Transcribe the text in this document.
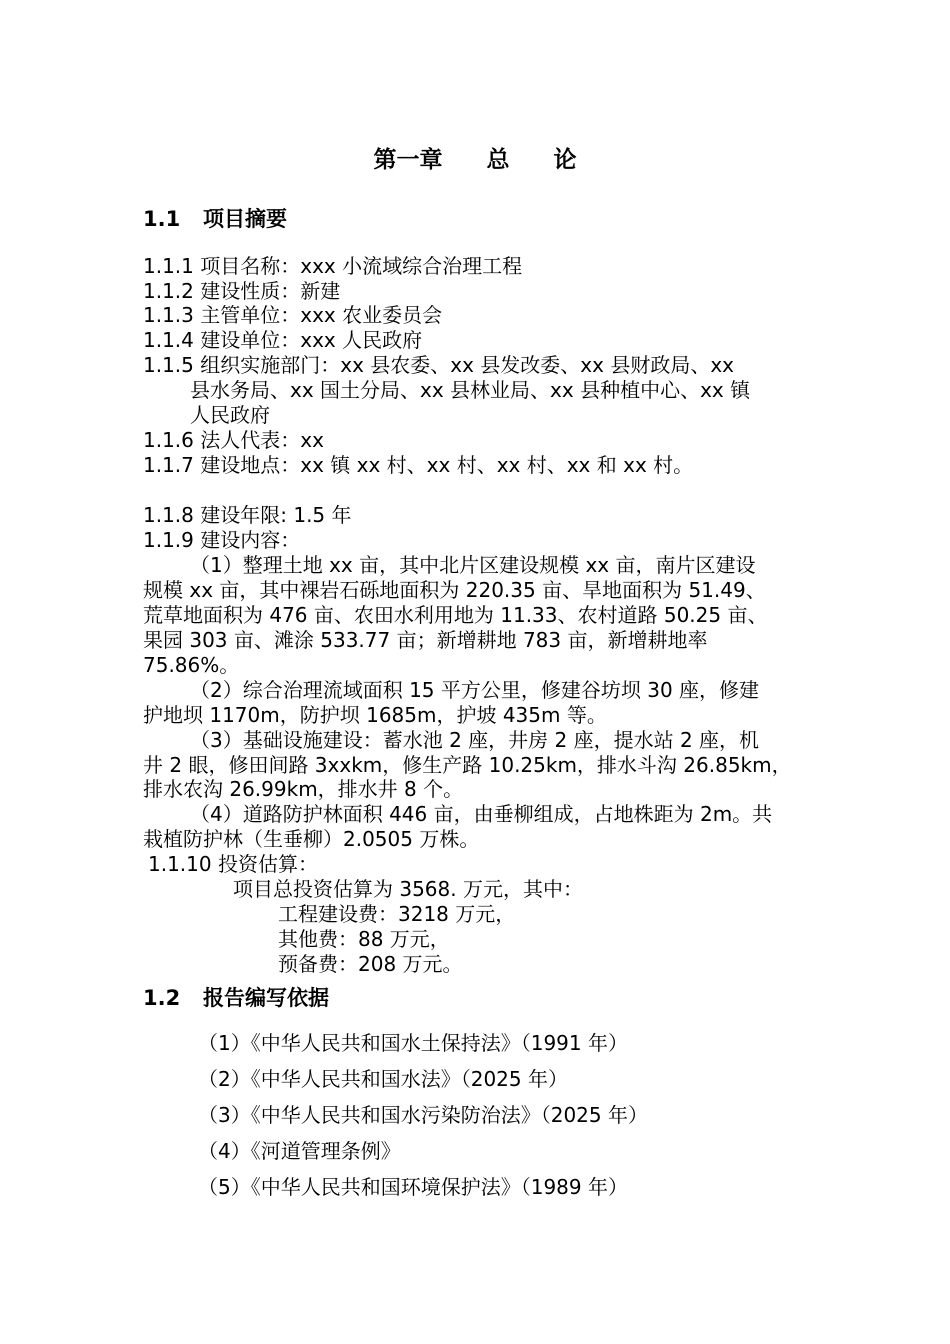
第一章 总 论
1.1 项目摘要
1.1.1 项目名称：xxx 小流域综合治理工程
1.1.2 建设性质：新建
1.1.3 主管单位：xxx 农业委员会
1.1.4 建设单位：xxx 人民政府
1.1.5 组织实施部门：xx 县农委、xx 县发改委、xx 县财政局、xx
县水务局、xx 国土分局、xx 县林业局、xx 县种植中心、xx 镇
人民政府
1.1.6 法人代表：xx
1.1.7 建设地点：xx 镇 xx 村、xx 村、xx 村、xx 和 xx 村。
1.1.8 建设年限: 1.5 年
1.1.9 建设内容：
（1）整理土地 xx 亩，其中北片区建设规模 xx 亩，南片区建设
规模 xx 亩，其中裸岩石砾地面积为 220.35 亩、旱地面积为 51.49、
荒草地面积为 476 亩、农田水利用地为 11.33、农村道路 50.25 亩、
果园 303 亩、滩涂 533.77 亩；新增耕地 783 亩，新增耕地率
75.86%。
（2）综合治理流域面积 15 平方公里，修建谷坊坝 30 座，修建
护地坝 1170m，防护坝 1685m，护坡 435m 等。
（3）基础设施建设：蓄水池 2 座，井房 2 座，提水站 2 座，机
井 2 眼，修田间路 3xxkm，修生产路 10.25km，排水斗沟 26.85km，
排水农沟 26.99km，排水井 8 个。
（4）道路防护林面积 446 亩，由垂柳组成，占地株距为 2m。共
栽植防护林（生垂柳）2.0505 万株。
1.1.10 投资估算：
项目总投资估算为 3568. 万元，其中：
工程建设费：3218 万元，
其他费：88 万元，
预备费：208 万元。
1.2 报告编写依据
（1）《中华人民共和国水土保持法》（1991 年）
（2）《中华人民共和国水法》（2025 年）
（3）《中华人民共和国水污染防治法》（2025 年）
（4）《河道管理条例》
（5）《中华人民共和国环境保护法》（1989 年）
